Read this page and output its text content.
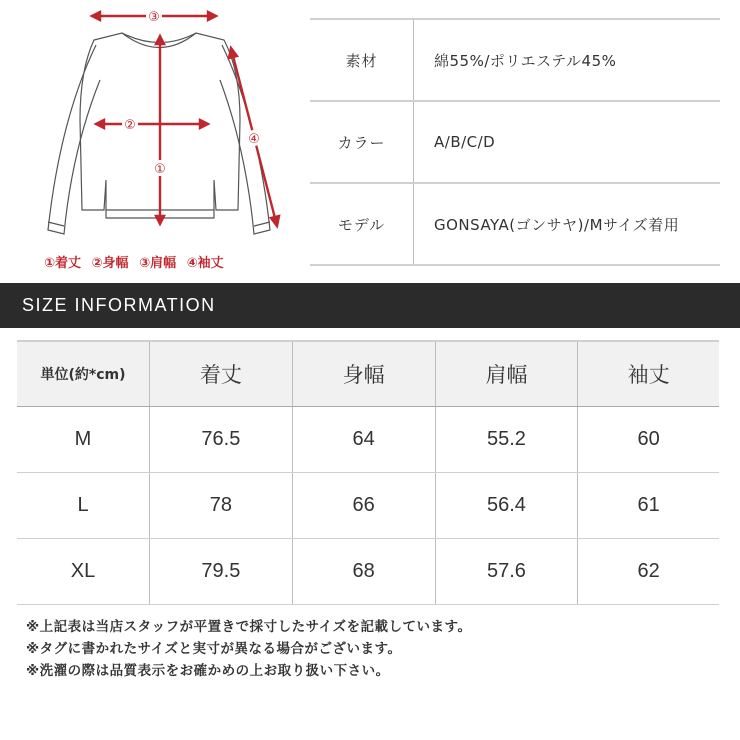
③
②
①
④
①着丈 ②身幅 ③肩幅 ④袖丈
素材	綿55%/ポリエステル45%
カラー	A/B/C/D
モデル	GONSAYA(ゴンサヤ)/Mサイズ着用
SIZE INFORMATION
単位(約*cm)	着丈	身幅	肩幅	袖丈
M	76.5	64	55.2	60
L	78	66	56.4	61
XL	79.5	68	57.6	62
※上記表は当店スタッフが平置きで採寸したサイズを記載しています。
※タグに書かれたサイズと実寸が異なる場合がございます。
※洗濯の際は品質表示をお確かめの上お取り扱い下さい。
